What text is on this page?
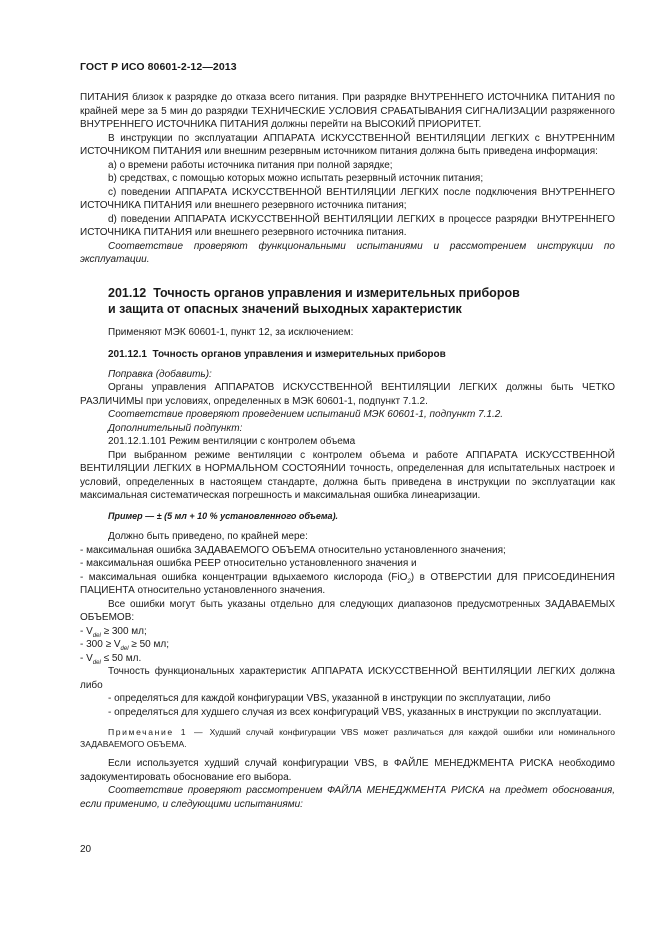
ГОСТ Р ИСО 80601-2-12—2013

ПИТАНИЯ близок к разрядке до отказа всего питания. При разрядке ВНУТРЕННЕГО ИСТОЧНИКА ПИТАНИЯ по крайней мере за 5 мин до разрядки ТЕХНИЧЕСКИЕ УСЛОВИЯ СРАБАТЫВАНИЯ СИГНАЛИЗАЦИИ разряженного ВНУТРЕННЕГО ИСТОЧНИКА ПИТАНИЯ должны перейти на ВЫСОКИЙ ПРИОРИТЕТ.

В инструкции по эксплуатации АППАРАТА ИСКУССТВЕННОЙ ВЕНТИЛЯЦИИ ЛЕГКИХ с ВНУТРЕННИМ ИСТОЧНИКОМ ПИТАНИЯ или внешним резервным источником питания должна быть приведена информация:

а) о времени работы источника питания при полной зарядке;

b) средствах, с помощью которых можно испытать резервный источник питания;

с) поведении АППАРАТА ИСКУССТВЕННОЙ ВЕНТИЛЯЦИИ ЛЕГКИХ после подключения ВНУТРЕННЕГО ИСТОЧНИКА ПИТАНИЯ или внешнего резервного источника питания;

d) поведении АППАРАТА ИСКУССТВЕННОЙ ВЕНТИЛЯЦИИ ЛЕГКИХ в процессе разрядки ВНУТРЕННЕГО ИСТОЧНИКА ПИТАНИЯ или внешнего резервного источника питания.

Соответствие проверяют функциональными испытаниями и рассмотрением инструкции по эксплуатации.

201.12 Точность органов управления и измерительных приборов
и защита от опасных значений выходных характеристик

Применяют МЭК 60601-1, пункт 12, за исключением:

201.12.1 Точность органов управления и измерительных приборов

Поправка (добавить):

Органы управления АППАРАТОВ ИСКУССТВЕННОЙ ВЕНТИЛЯЦИИ ЛЕГКИХ должны быть ЧЕТКО РАЗЛИЧИМЫ при условиях, определенных в МЭК 60601-1, подпункт 7.1.2.

Соответствие проверяют проведением испытаний МЭК 60601-1, подпункт 7.1.2.

Дополнительный подпункт:

201.12.1.101 Режим вентиляции с контролем объема

При выбранном режиме вентиляции с контролем объема и работе АППАРАТА ИСКУССТВЕННОЙ ВЕНТИЛЯЦИИ ЛЕГКИХ в НОРМАЛЬНОМ СОСТОЯНИИ точность, определенная для испытательных настроек и условий, определенных в настоящем стандарте, должна быть приведена в инструкции по эксплуатации как максимальная систематическая погрешность и максимальная ошибка линеаризации.

Пример — ± (5 мл + 10 % установленного объема).

Должно быть приведено, по крайней мере:

- максимальная ошибка ЗАДАВАЕМОГО ОБЪЕМА относительно установленного значения;

- максимальная ошибка PEEP относительно установленного значения и

- максимальная ошибка концентрации вдыхаемого кислорода (FiO$_2$) в ОТВЕРСТИИ ДЛЯ ПРИСОЕДИНЕНИЯ ПАЦИЕНТА относительно установленного значения.

Все ошибки могут быть указаны отдельно для следующих диапазонов предусмотренных ЗАДАВАЕМЫХ ОБЪЕМОВ:

- $V_{del} \ge 300$ мл;

- $300 \ge V_{del} \ge 50$ мл;

- $V_{del} \le 50$ мл.

Точность функциональных характеристик АППАРАТА ИСКУССТВЕННОЙ ВЕНТИЛЯЦИИ ЛЕГКИХ должна либо

- определяться для каждой конфигурации VBS, указанной в инструкции по эксплуатации, либо

- определяться для худшего случая из всех конфигураций VBS, указанных в инструкции по эксплуатации.

Примечание 1 — Худший случай конфигурации VBS может различаться для каждой ошибки или номинального ЗАДАВАЕМОГО ОБЪЕМА.

Если используется худший случай конфигурации VBS, в ФАЙЛЕ МЕНЕДЖМЕНТА РИСКА необходимо задокументировать обоснование его выбора.

Соответствие проверяют рассмотрением ФАЙЛА МЕНЕДЖМЕНТА РИСКА на предмет обоснования, если применимо, и следующими испытаниями:

20
